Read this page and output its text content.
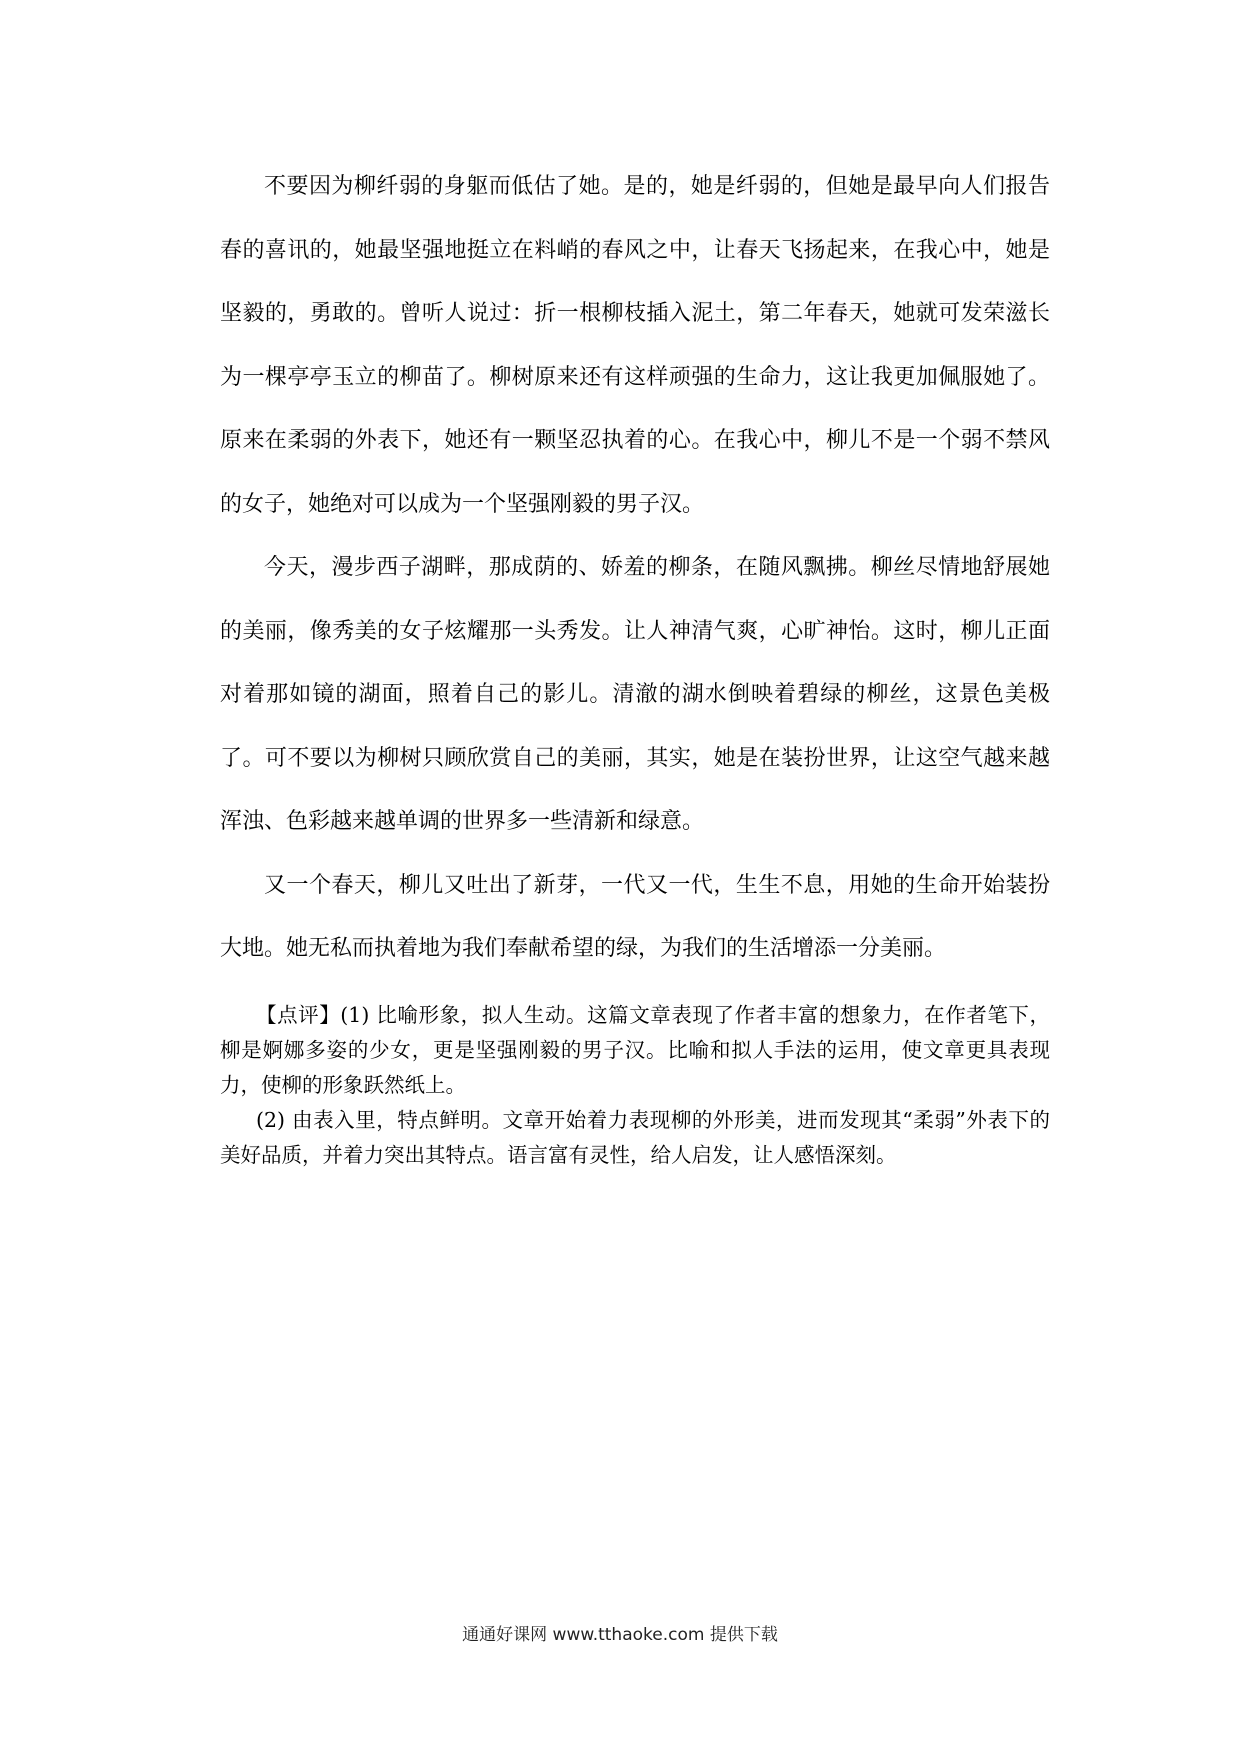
不要因为柳纤弱的身躯而低估了她。是的，她是纤弱的，但她是最早向人们报告春的喜讯的，她最坚强地挺立在料峭的春风之中，让春天飞扬起来，在我心中，她是坚毅的，勇敢的。曾听人说过：折一根柳枝插入泥土，第二年春天，她就可发荣滋长为一棵亭亭玉立的柳苗了。柳树原来还有这样顽强的生命力，这让我更加佩服她了。原来在柔弱的外表下，她还有一颗坚忍执着的心。在我心中，柳儿不是一个弱不禁风的女子，她绝对可以成为一个坚强刚毅的男子汉。

今天，漫步西子湖畔，那成荫的、娇羞的柳条，在随风飘拂。柳丝尽情地舒展她的美丽，像秀美的女子炫耀那一头秀发。让人神清气爽，心旷神怡。这时，柳儿正面对着那如镜的湖面，照着自己的影儿。清澈的湖水倒映着碧绿的柳丝，这景色美极了。可不要以为柳树只顾欣赏自己的美丽，其实，她是在装扮世界，让这空气越来越浑浊、色彩越来越单调的世界多一些清新和绿意。

又一个春天，柳儿又吐出了新芽，一代又一代，生生不息，用她的生命开始装扮大地。她无私而执着地为我们奉献希望的绿，为我们的生活增添一分美丽。

【点评】(1) 比喻形象，拟人生动。这篇文章表现了作者丰富的想象力，在作者笔下，柳是婀娜多姿的少女，更是坚强刚毅的男子汉。比喻和拟人手法的运用，使文章更具表现力，使柳的形象跃然纸上。

(2) 由表入里，特点鲜明。文章开始着力表现柳的外形美，进而发现其“柔弱”外表下的美好品质，并着力突出其特点。语言富有灵性，给人启发，让人感悟深刻。

通通好课网 www.tthaoke.com 提供下载
